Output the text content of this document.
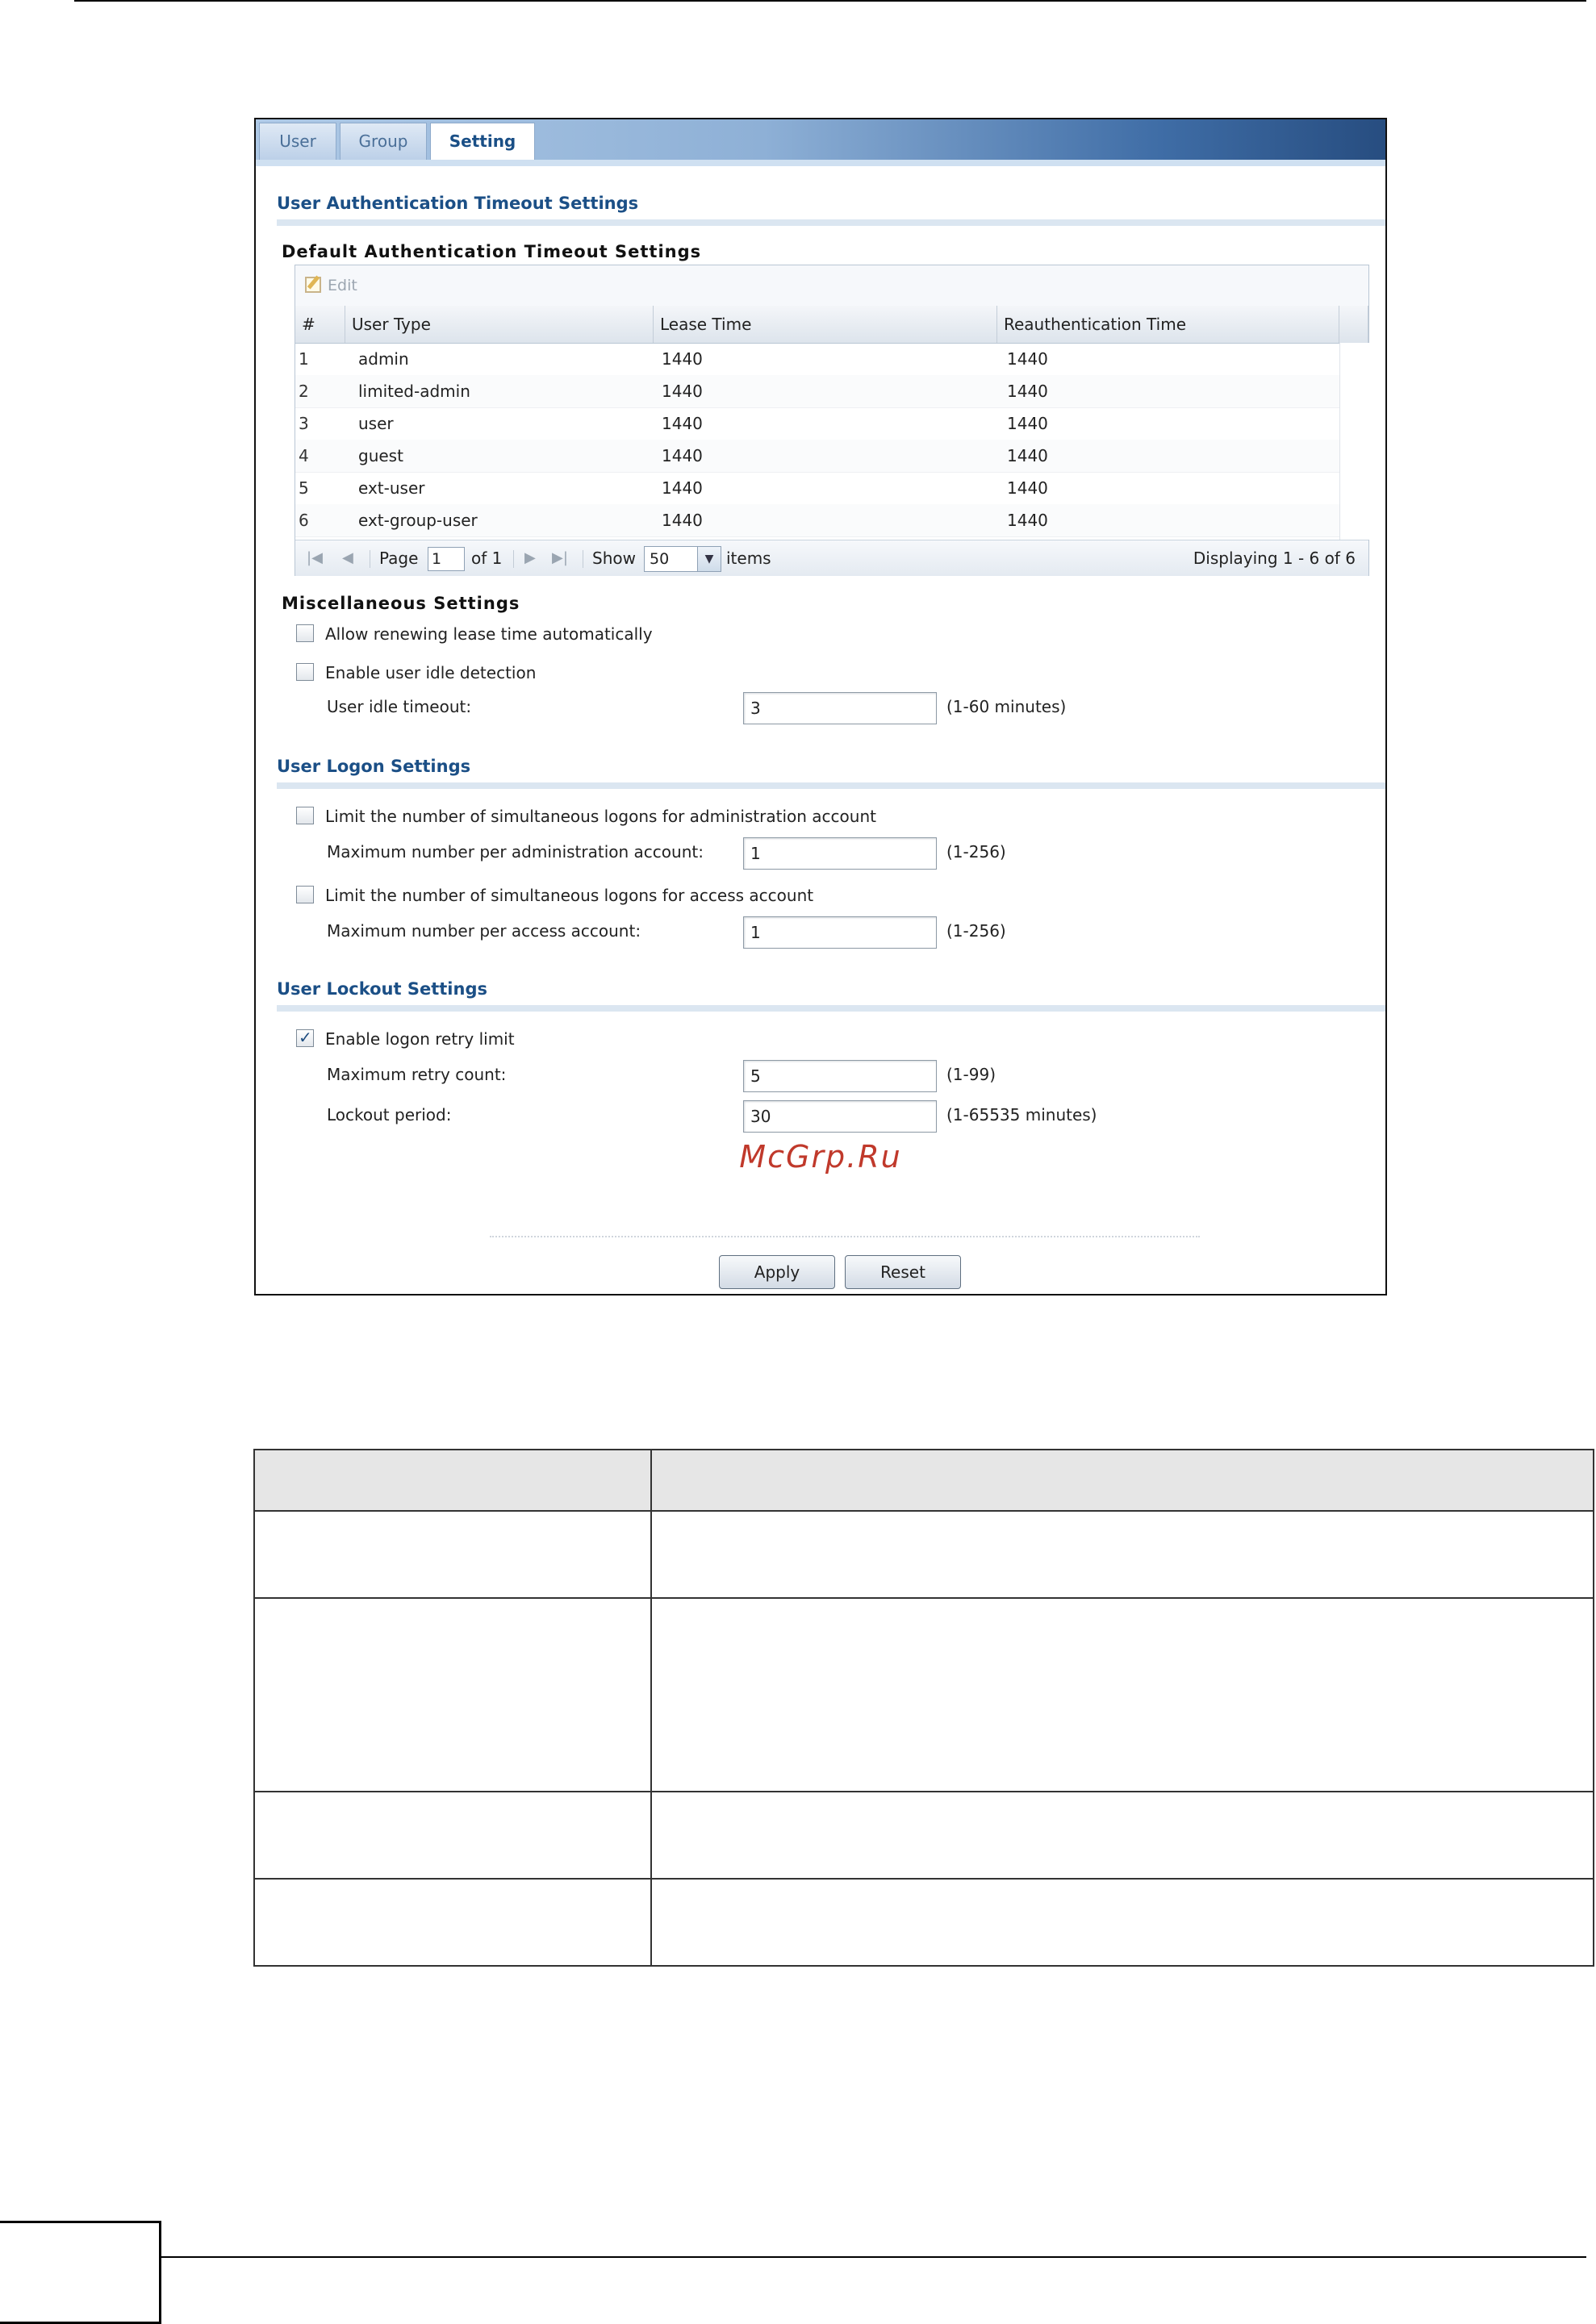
User	Group	Setting
User Authentication Timeout Settings
Default Authentication Timeout Settings
Edit
#	User Type	Lease Time	Reauthentication Time
1	admin	1440	1440
2	limited-admin	1440	1440
3	user	1440	1440
4	guest	1440	1440
5	ext-user	1440	1440
6	ext-group-user	1440	1440
|◀ ◀ Page 1	of 1 ▶ ▶| Show 50	▼ items	Displaying 1 - 6 of 6
Miscellaneous Settings
Allow renewing lease time automatically
Enable user idle detection
User idle timeout:	3	(1-60 minutes)
User Logon Settings
Limit the number of simultaneous logons for administration account
Maximum number per administration account:	1	(1-256)
Limit the number of simultaneous logons for access account
Maximum number per access account:	1	(1-256)
User Lockout Settings
✓
Enable logon retry limit
Maximum retry count:	5	(1-99)
Lockout period:	30	(1-65535 minutes)
McGrp.Ru
Apply	Reset
